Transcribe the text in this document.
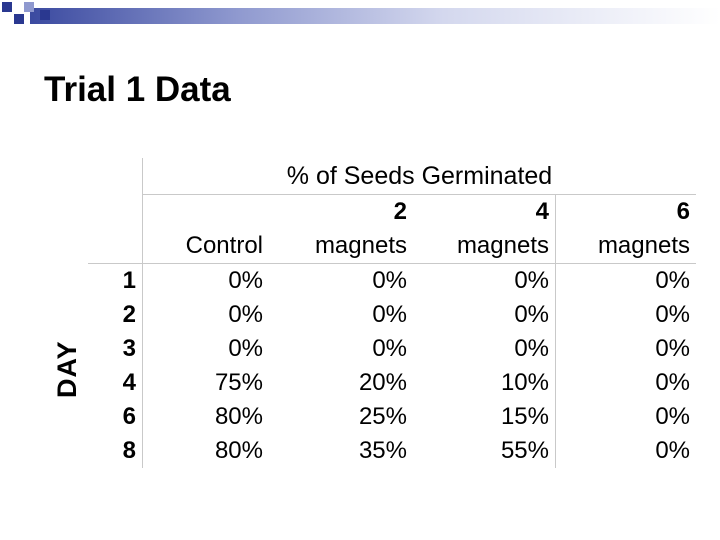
Trial 1 Data
DAY
	% of Seeds Germinated			
		2	4	6
	Control	magnets	magnets	magnets
1	0%	0%	0%	0%
2	0%	0%	0%	0%
3	0%	0%	0%	0%
4	75%	20%	10%	0%
6	80%	25%	15%	0%
8	80%	35%	55%	0%
